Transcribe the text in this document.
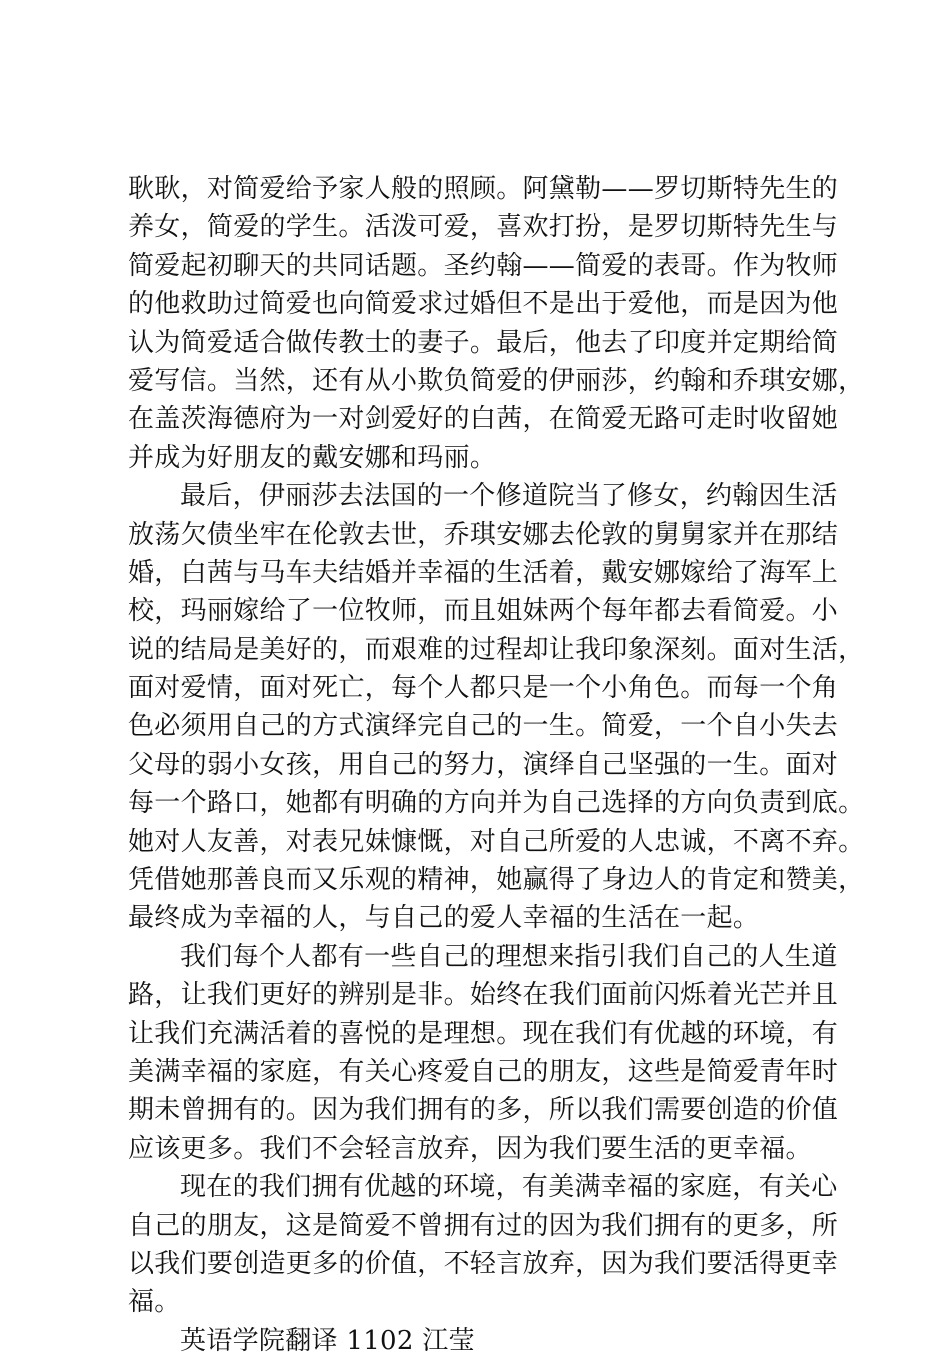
耿耿，对简爱给予家人般的照顾。阿黛勒——罗切斯特先生的
养女，简爱的学生。活泼可爱，喜欢打扮，是罗切斯特先生与
简爱起初聊天的共同话题。圣约翰——简爱的表哥。作为牧师
的他救助过简爱也向简爱求过婚但不是出于爱他，而是因为他
认为简爱适合做传教士的妻子。最后，他去了印度并定期给简
爱写信。当然，还有从小欺负简爱的伊丽莎，约翰和乔琪安娜，
在盖茨海德府为一对剑爱好的白茜，在简爱无路可走时收留她
并成为好朋友的戴安娜和玛丽。
最后，伊丽莎去法国的一个修道院当了修女，约翰因生活
放荡欠债坐牢在伦敦去世，乔琪安娜去伦敦的舅舅家并在那结
婚，白茜与马车夫结婚并幸福的生活着，戴安娜嫁给了海军上
校，玛丽嫁给了一位牧师，而且姐妹两个每年都去看简爱。小
说的结局是美好的，而艰难的过程却让我印象深刻。面对生活，
面对爱情，面对死亡，每个人都只是一个小角色。而每一个角
色必须用自己的方式演绎完自己的一生。简爱，一个自小失去
父母的弱小女孩，用自己的努力，演绎自己坚强的一生。面对
每一个路口，她都有明确的方向并为自己选择的方向负责到底。
她对人友善，对表兄妹慷慨，对自己所爱的人忠诚，不离不弃。
凭借她那善良而又乐观的精神，她赢得了身边人的肯定和赞美，
最终成为幸福的人，与自己的爱人幸福的生活在一起。
我们每个人都有一些自己的理想来指引我们自己的人生道
路，让我们更好的辨别是非。始终在我们面前闪烁着光芒并且
让我们充满活着的喜悦的是理想。现在我们有优越的环境，有
美满幸福的家庭，有关心疼爱自己的朋友，这些是简爱青年时
期未曾拥有的。因为我们拥有的多，所以我们需要创造的价值
应该更多。我们不会轻言放弃，因为我们要生活的更幸福。
现在的我们拥有优越的环境，有美满幸福的家庭，有关心
自己的朋友，这是简爱不曾拥有过的因为我们拥有的更多，所
以我们要创造更多的价值，不轻言放弃，因为我们要活得更幸
福。
英语学院翻译 1102 江莹
